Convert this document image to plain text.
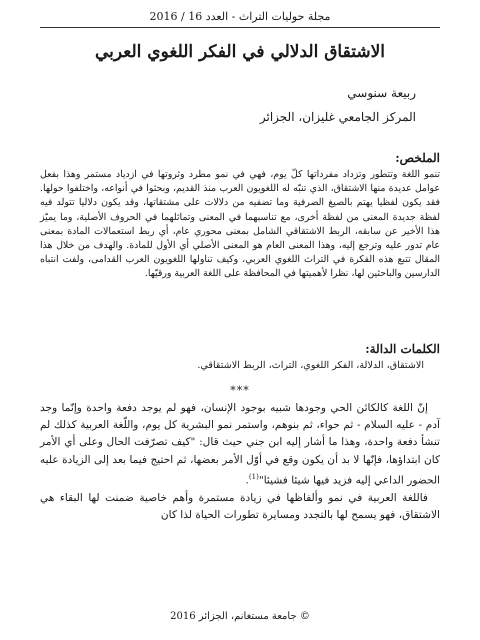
مجلة حوليات التراث - العدد 16 / 2016
الاشتقاق الدلالي في الفكر اللغوي العربي
ربيعة سنوسي
المركز الجامعي غليزان، الجزائر
الملخص:

تنمو اللغة وتتطور وتزداد مفرداتها كلّ يوم، فهي في نمو مطرد وثروتها في ازدياد مستمر وهذا بفعل عوامل عديدة منها الاشتقاق، الذي تنبّه له اللغويون العرب منذ القديم، وبحثوا في أنواعه، واختلفوا حولها. فقد يكون لفظيا يهتم بالصيغ الصرفية وما تضفيه من دلالات على مشتقاتها، وقد يكون دلاليا تتولد فيه لفظة جديدة المعنى من لفظة أخرى، مع تناسبهما في المعنى وتماثلهما في الحروف الأصلية، وما يميّز هذا الأخير عن سابقه، الربط الاشتقاقي الشامل بمعنى محوري عام، أي ربط استعمالات المادة بمعنى عام تدور عليه وترجع إليه، وهذا المعنى العام هو المعنى الأصلي أي الأول للمادة. والهدف من خلال هذا المقال تتبع هذه الفكرة في التراث اللغوي العربي، وكيف تناولها اللغويون العرب القدامى، ولفت انتباه الدارسين والباحثين لها، نظرا لأهميتها في المحافظة على اللغة العربية ورقيّها.

الكلمات الدالة:
الاشتقاق، الدلالة، الفكر اللغوي، التراث، الربط الاشتقاقي.
***

إنّ اللغة كالكائن الحي وجودها شبيه بوجود الإنسان، فهو لم يوجد دفعة واحدة وإنّما وجد آدم - عليه السلام - ثم حواء، ثم بنوهم، واستمر نمو البشرية كل يوم، واللّغة العربية كذلك لم تنشأ دفعة واحدة، وهذا ما أشار إليه ابن جني حيث قال: "كيف تصرّفت الحال وعلى أي الأمر كان ابتداؤها، فإنّها لا بد أن يكون وقع في أوّل الأمر بعضها، ثم احتيج فيما بعد إلى الزيادة عليه الحضور الداعي إليه فزيد فيها شيئا فشيئا"$^{(1)}$.

فاللغة العربية في نمو وألفاظها في زيادة مستمرة وأهم خاصية ضمنت لها البقاء هي الاشتقاق، فهو يسمح لها بالتجدد ومسايرة تطورات الحياة لذا كان

© جامعة مستغانم، الجزائر 2016
